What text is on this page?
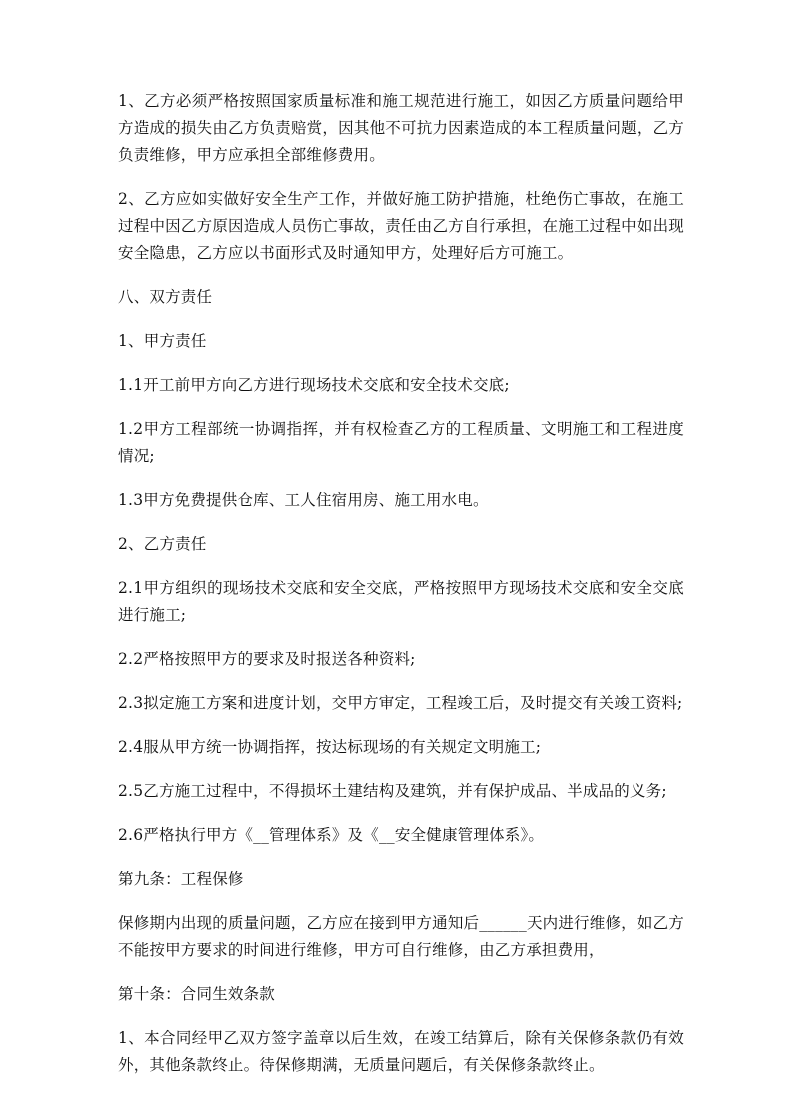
1、乙方必须严格按照国家质量标准和施工规范进行施工，如因乙方质量问题给甲方造成的损失由乙方负责赔赏，因其他不可抗力因素造成的本工程质量问题，乙方负责维修，甲方应承担全部维修费用。

2、乙方应如实做好安全生产工作，并做好施工防护措施，杜绝伤亡事故，在施工过程中因乙方原因造成人员伤亡事故，责任由乙方自行承担，在施工过程中如出现安全隐患，乙方应以书面形式及时通知甲方，处理好后方可施工。

八、双方责任

1、甲方责任

1.1开工前甲方向乙方进行现场技术交底和安全技术交底;

1.2甲方工程部统一协调指挥，并有权检查乙方的工程质量、文明施工和工程进度情况;

1.3甲方免费提供仓库、工人住宿用房、施工用水电。

2、乙方责任

2.1甲方组织的现场技术交底和安全交底，严格按照甲方现场技术交底和安全交底进行施工;

2.2严格按照甲方的要求及时报送各种资料;

2.3拟定施工方案和进度计划，交甲方审定，工程竣工后，及时提交有关竣工资料;

2.4服从甲方统一协调指挥，按达标现场的有关规定文明施工;

2.5乙方施工过程中，不得损坏土建结构及建筑，并有保护成品、半成品的义务;

2.6严格执行甲方《__管理体系》及《__安全健康管理体系》。

第九条：工程保修

保修期内出现的质量问题，乙方应在接到甲方通知后______天内进行维修，如乙方不能按甲方要求的时间进行维修，甲方可自行维修，由乙方承担费用，

第十条：合同生效条款

1、本合同经甲乙双方签字盖章以后生效，在竣工结算后，除有关保修条款仍有效外，其他条款终止。待保修期满，无质量问题后，有关保修条款终止。
